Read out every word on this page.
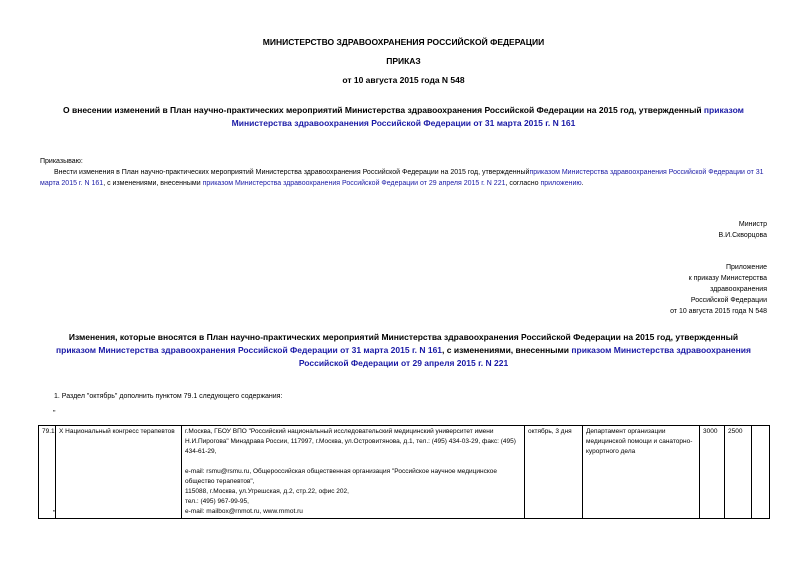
МИНИСТЕРСТВО ЗДРАВООХРАНЕНИЯ РОССИЙСКОЙ ФЕДЕРАЦИИ
ПРИКАЗ
от 10 августа 2015 года N 548
О внесении изменений в План научно-практических мероприятий Министерства здравоохранения Российской Федерации на 2015 год, утвержденный приказом
Министерства здравоохранения Российской Федерации от 31 марта 2015 г. N 161
Приказываю:
Внести изменения в План научно-практических мероприятий Министерства здравоохранения Российской Федерации на 2015 год, утвержденныйприказом Министерства здравоохранения Российской Федерации от 31 марта 2015 г. N 161, с изменениями, внесенными приказом Министерства здравоохранения Российской Федерации от 29 апреля 2015 г. N 221, согласно приложению.
Министр
В.И.Скворцова
Приложение
к приказу Министерства
здравоохранения
Российской Федерации
от 10 августа 2015 года N 548
Изменения, которые вносятся в План научно-практических мероприятий Министерства здравоохранения Российской Федерации на 2015 год, утвержденный
приказом Министерства здравоохранения Российской Федерации от 31 марта 2015 г. N 161, с изменениями, внесенными приказом Министерства здравоохранения
Российской Федерации от 29 апреля 2015 г. N 221
1. Раздел "октябрь" дополнить пунктом 79.1 следующего содержания:
"
79.1.	X Национальный конгресс терапевтов	г.Москва, ГБОУ ВПО "Российский национальный исследовательский медицинский университет имени Н.И.Пирогова" Минздрава России, 117997, г.Москва, ул.Островитянова, д.1, тел.: (495) 434-03-29, факс: (495) 434-61-29,
e-mail: rsmu@rsmu.ru, Общероссийская общественная организация "Российское научное медицинское общество терапевтов",
115088, г.Москва, ул.Угрешская, д.2, стр.22, офис 202,
тел.: (495) 967-99-95,
e-mail: mailbox@rnmot.ru, www.rnmot.ru
	октябрь, 3 дня	Департамент организации медицинской помощи и санаторно-курортного дела	3000	2500	
"
